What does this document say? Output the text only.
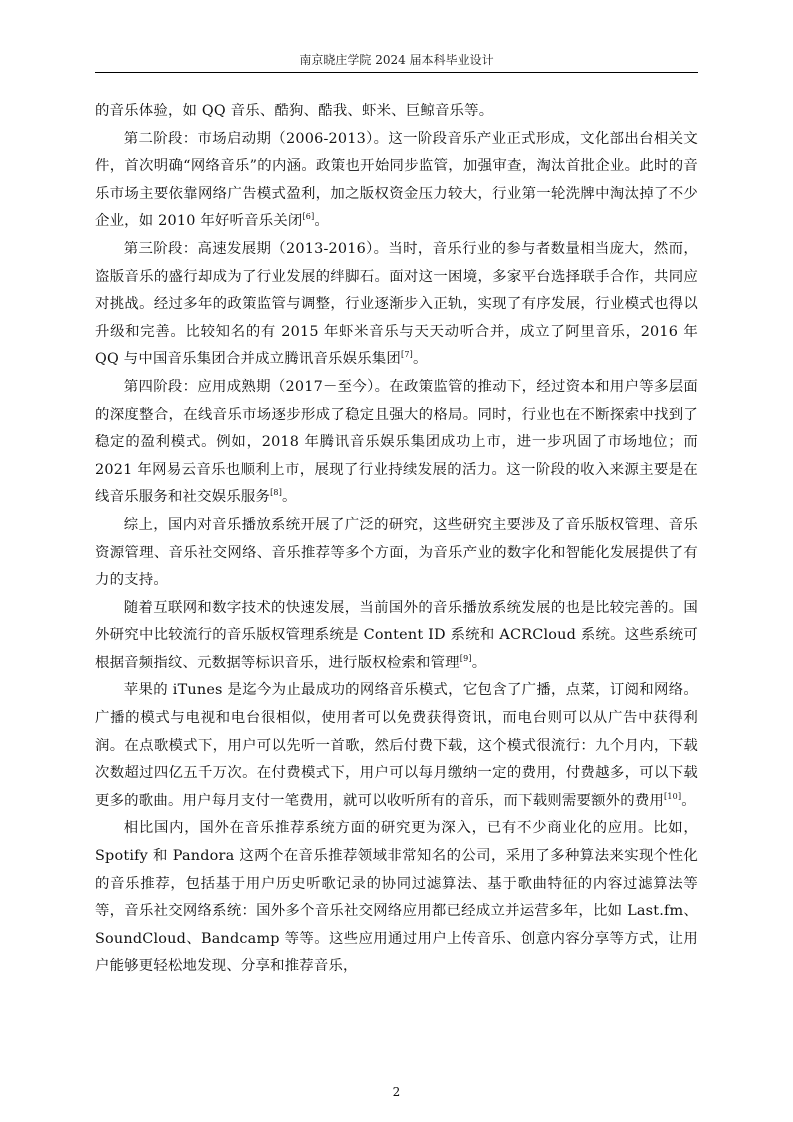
南京晓庄学院 2024 届本科毕业设计

的音乐体验，如 QQ 音乐、酷狗、酷我、虾米、巨鲸音乐等。

第二阶段：市场启动期（2006-2013）。这一阶段音乐产业正式形成，文化部出台相关文件，首次明确“网络音乐”的内涵。政策也开始同步监管，加强审查，淘汰首批企业。此时的音乐市场主要依靠网络广告模式盈利，加之版权资金压力较大，行业第一轮洗牌中淘汰掉了不少企业，如 2010 年好听音乐关闭[6]。

第三阶段：高速发展期（2013-2016）。当时，音乐行业的参与者数量相当庞大，然而，盗版音乐的盛行却成为了行业发展的绊脚石。面对这一困境，多家平台选择联手合作，共同应对挑战。经过多年的政策监管与调整，行业逐渐步入正轨，实现了有序发展，行业模式也得以升级和完善。比较知名的有 2015 年虾米音乐与天天动听合并，成立了阿里音乐，2016 年 QQ 与中国音乐集团合并成立腾讯音乐娱乐集团[7]。

第四阶段：应用成熟期（2017－至今）。在政策监管的推动下，经过资本和用户等多层面的深度整合，在线音乐市场逐步形成了稳定且强大的格局。同时，行业也在不断探索中找到了稳定的盈利模式。例如，2018 年腾讯音乐娱乐集团成功上市，进一步巩固了市场地位；而 2021 年网易云音乐也顺利上市，展现了行业持续发展的活力。这一阶段的收入来源主要是在线音乐服务和社交娱乐服务[8]。

综上，国内对音乐播放系统开展了广泛的研究，这些研究主要涉及了音乐版权管理、音乐资源管理、音乐社交网络、音乐推荐等多个方面，为音乐产业的数字化和智能化发展提供了有力的支持。

随着互联网和数字技术的快速发展，当前国外的音乐播放系统发展的也是比较完善的。国外研究中比较流行的音乐版权管理系统是 Content ID 系统和 ACRCloud 系统。这些系统可根据音频指纹、元数据等标识音乐，进行版权检索和管理[9]。

苹果的 iTunes 是迄今为止最成功的网络音乐模式，它包含了广播，点菜，订阅和网络。广播的模式与电视和电台很相似，使用者可以免费获得资讯，而电台则可以从广告中获得利润。在点歌模式下，用户可以先听一首歌，然后付费下载，这个模式很流行：九个月内，下载次数超过四亿五千万次。在付费模式下，用户可以每月缴纳一定的费用，付费越多，可以下载更多的歌曲。用户每月支付一笔费用，就可以收听所有的音乐，而下载则需要额外的费用[10]。

相比国内，国外在音乐推荐系统方面的研究更为深入，已有不少商业化的应用。比如，Spotify 和 Pandora 这两个在音乐推荐领域非常知名的公司，采用了多种算法来实现个性化的音乐推荐，包括基于用户历史听歌记录的协同过滤算法、基于歌曲特征的内容过滤算法等等，音乐社交网络系统：国外多个音乐社交网络应用都已经成立并运营多年，比如 Last.fm、SoundCloud、Bandcamp 等等。这些应用通过用户上传音乐、创意内容分享等方式，让用户能够更轻松地发现、分享和推荐音乐，

2
